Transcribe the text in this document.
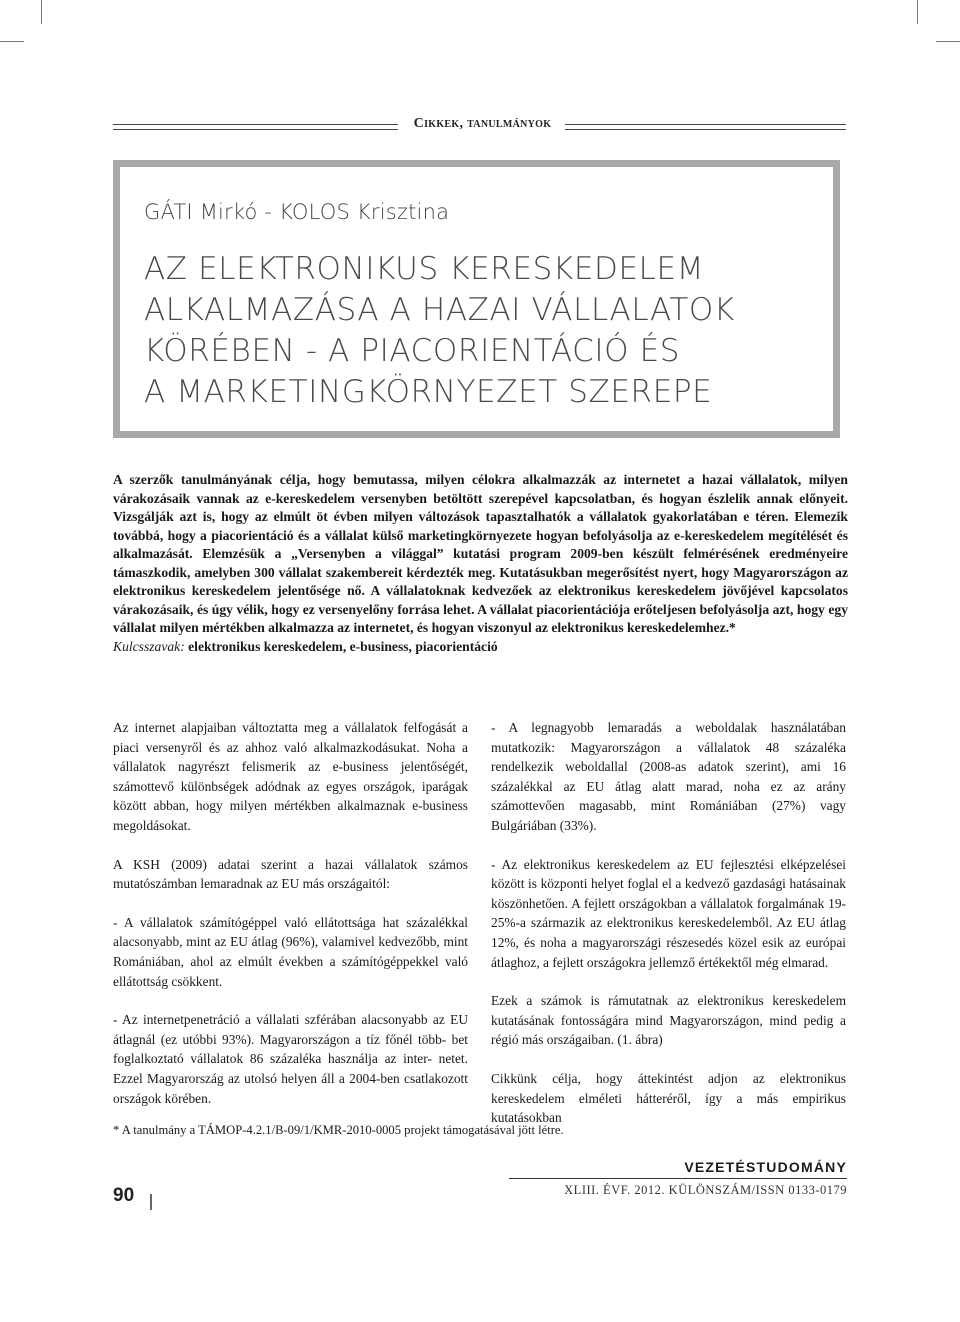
Cikkek, tanulmányok
GÁTI Mirkó - KOLOS Krisztina
AZ ELEKTRONIKUS KERESKEDELEM
ALKALMAZÁSA A HAZAI VÁLLALATOK
KÖRÉBEN - A PIACORIENTÁCIÓ ÉS
A MARKETINGKÖRNYEZET SZEREPE

A szerzők tanulmányának célja, hogy bemutassa, milyen célokra alkalmazzák az internetet a hazai vállalatok, milyen várakozásaik vannak az e-kereskedelem versenyben betöltött szerepével kapcsolatban, és hogyan észlelik annak előnyeit. Vizsgálják azt is, hogy az elmúlt öt évben milyen változások tapasztalhatók a vállalatok gyakorlatában e téren. Elemezik továbbá, hogy a piacorientáció és a vállalat külső marketingkörnyezete hogyan befolyásolja az e-kereskedelem megítélését és alkalmazását. Elemzésük a „Versenyben a világgal” kutatási program 2009-ben készült felmérésének eredményeire támaszkodik, amelyben 300 vállalat szakembereit kérdezték meg. Kutatásukban megerősítést nyert, hogy Magyarországon az elektronikus kereskedelem jelentősége nő. A vállalatoknak kedvezőek az elektronikus kereskedelem jövőjével kapcsolatos várakozásaik, és úgy vélik, hogy ez versenyelőny forrása lehet. A vállalat piacorientációja erőteljesen befolyásolja azt, hogy egy vállalat milyen mértékben alkalmazza az internetet, és hogyan viszonyul az elektronikus kereskedelemhez.*

Kulcsszavak: elektronikus kereskedelem, e-business, piacorientáció

Az internet alapjaiban változtatta meg a vállalatok felfogását a piaci versenyről és az ahhoz való alkalmazkodásukat. Noha a vállalatok nagyrészt felismerik az e-business jelentőségét, számottevő különbségek adódnak az egyes országok, iparágak között abban, hogy milyen mértékben alkalmaznak e-business megoldásokat.

A KSH (2009) adatai szerint a hazai vállalatok számos mutatószámban lemaradnak az EU más országaitól:

- A vállalatok számítógéppel való ellátottsága hat százalékkal alacsonyabb, mint az EU átlag (96%), valamivel kedvezőbb, mint Romániában, ahol az elmúlt években a számítógéppekkel való ellátottság csökkent.

- Az internetpenetráció a vállalati szférában alacsonyabb az EU átlagnál (ez utóbbi 93%). Magyarországon a tíz főnél több- bet foglalkoztató vállalatok 86 százaléka használja az inter- netet. Ezzel Magyarország az utolsó helyen áll a 2004-ben csatlakozott országok körében.

- A legnagyobb lemaradás a weboldalak használatában mutatkozik: Magyarországon a vállalatok 48 százaléka rendelkezik weboldallal (2008-as adatok szerint), ami 16 százalékkal az EU átlag alatt marad, noha ez az arány számottevően magasabb, mint Romániában (27%) vagy Bulgáriában (33%).

- Az elektronikus kereskedelem az EU fejlesztési elképzelései között is központi helyet foglal el a kedvező gazdasági hatásainak köszönhetően. A fejlett országokban a vállalatok forgalmának 19-25%-a származik az elektronikus kereskedelemből. Az EU átlag 12%, és noha a magyarországi részesedés közel esik az európai átlaghoz, a fejlett országokra jellemző értékektől még elmarad.

Ezek a számok is rámutatnak az elektronikus kereskedelem kutatásának fontosságára mind Magyarországon, mind pedig a régió más országaiban. (1. ábra)

Cikkünk célja, hogy áttekintést adjon az elektronikus kereskedelem elméleti hátteréről, így a más empirikus kutatásokban

* A tanulmány a TÁMOP-4.2.1/B-09/1/KMR-2010-0005 projekt támogatásával jött létre.
90
VEZETÉSTUDOMÁNY
XLIII. ÉVF. 2012. KÜLÖNSZÁM/ISSN 0133-0179
